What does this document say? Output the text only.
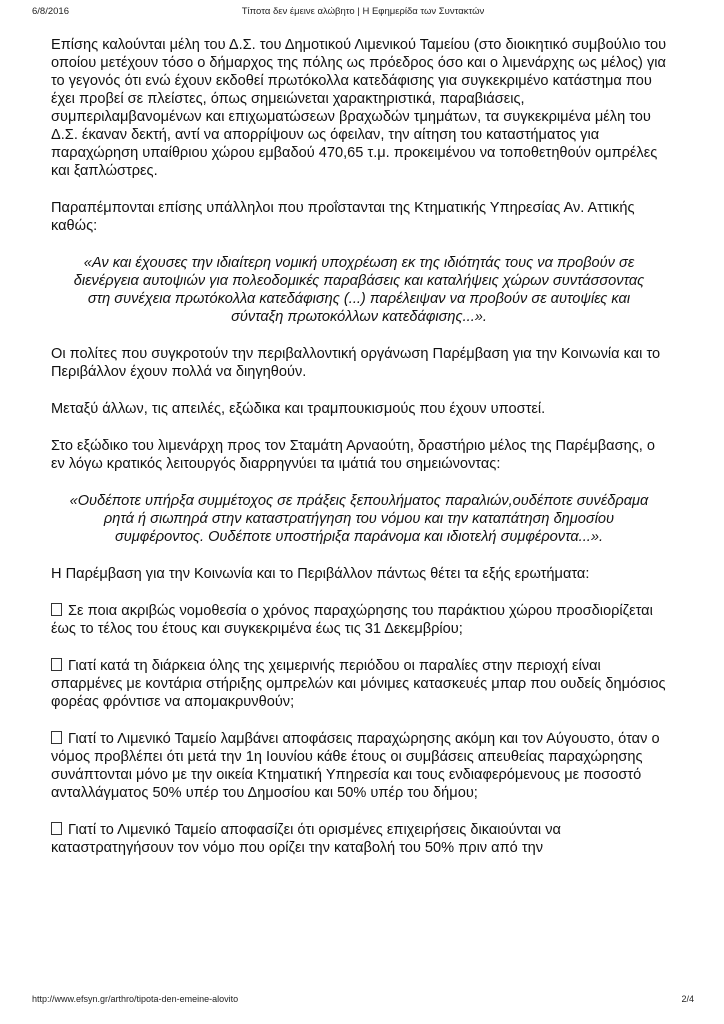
6/8/2016	Τίποτα δεν έμεινε αλώβητο | Η Εφημερίδα των Συντακτών

Επίσης καλούνται μέλη του Δ.Σ. του Δημοτικού Λιμενικού Ταμείου (στο διοικητικό συμβούλιο του οποίου μετέχουν τόσο ο δήμαρχος της πόλης ως πρόεδρος όσο και ο λιμενάρχης ως μέλος) για το γεγονός ότι ενώ έχουν εκδοθεί πρωτόκολλα κατεδάφισης για συγκεκριμένο κατάστημα που έχει προβεί σε πλείστες, όπως σημειώνεται χαρακτηριστικά, παραβιάσεις, συμπεριλαμβανομένων και επιχωματώσεων βραχωδών τμημάτων, τα συγκεκριμένα μέλη του Δ.Σ. έκαναν δεκτή, αντί να απορρίψουν ως όφειλαν, την αίτηση του καταστήματος για παραχώρηση υπαίθριου χώρου εμβαδού 470,65 τ.μ. προκειμένου να τοποθετηθούν ομπρέλες και ξαπλώστρες.

Παραπέμπονται επίσης υπάλληλοι που προΐστανται της Κτηματικής Υπηρεσίας Αν. Αττικής καθώς:

«Αν και έχουσες την ιδιαίτερη νομική υποχρέωση εκ της ιδιότητάς τους να προβούν σε διενέργεια αυτοψιών για πολεοδομικές παραβάσεις και καταλήψεις χώρων συντάσσοντας στη συνέχεια πρωτόκολλα κατεδάφισης (...) παρέλειψαν να προβούν σε αυτοψίες και σύνταξη πρωτοκόλλων κατεδάφισης...».

Οι πολίτες που συγκροτούν την περιβαλλοντική οργάνωση Παρέμβαση για την Κοινωνία και το Περιβάλλον έχουν πολλά να διηγηθούν.

Μεταξύ άλλων, τις απειλές, εξώδικα και τραμπουκισμούς που έχουν υποστεί.

Στο εξώδικο του λιμενάρχη προς τον Σταμάτη Αρναούτη, δραστήριο μέλος της Παρέμβασης, ο εν λόγω κρατικός λειτουργός διαρρηγνύει τα ιμάτιά του σημειώνοντας:

«Ουδέποτε υπήρξα συμμέτοχος σε πράξεις ξεπουλήματος παραλιών,ουδέποτε συνέδραμα ρητά ή σιωπηρά στην καταστρατήγηση του νόμου και την καταπάτηση δημοσίου συμφέροντος. Ουδέποτε υποστήριξα παράνομα και ιδιοτελή συμφέροντα...».

Η Παρέμβαση για την Κοινωνία και το Περιβάλλον πάντως θέτει τα εξής ερωτήματα:

Σε ποια ακριβώς νομοθεσία ο χρόνος παραχώρησης του παράκτιου χώρου προσδιορίζεται έως το τέλος του έτους και συγκεκριμένα έως τις 31 Δεκεμβρίου;

Γιατί κατά τη διάρκεια όλης της χειμερινής περιόδου οι παραλίες στην περιοχή είναι σπαρμένες με κοντάρια στήριξης ομπρελών και μόνιμες κατασκευές μπαρ που ουδείς δημόσιος φορέας φρόντισε να απομακρυνθούν;

Γιατί το Λιμενικό Ταμείο λαμβάνει αποφάσεις παραχώρησης ακόμη και τον Αύγουστο, όταν ο νόμος προβλέπει ότι μετά την 1η Ιουνίου κάθε έτους οι συμβάσεις απευθείας παραχώρησης συνάπτονται μόνο με την οικεία Κτηματική Υπηρεσία και τους ενδιαφερόμενους με ποσοστό ανταλλάγματος 50% υπέρ του Δημοσίου και 50% υπέρ του δήμου;

Γιατί το Λιμενικό Ταμείο αποφασίζει ότι ορισμένες επιχειρήσεις δικαιούνται να καταστρατηγήσουν τον νόμο που ορίζει την καταβολή του 50% πριν από την

http://www.efsyn.gr/arthro/tipota-den-emeine-alovito	2/4
